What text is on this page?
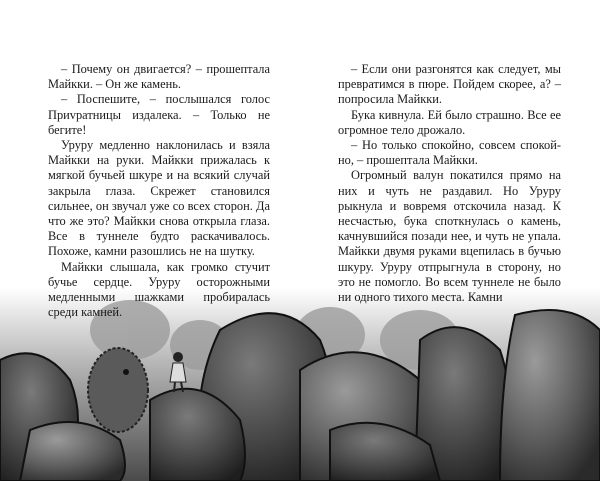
– Почему он двигается? – прошептала Майкки. – Он же камень.

– Поспешите, – послышался голос Приvратницы издалека. – Только не бегите!

Уруру медленно наклонилась и взяла Майкки на руки. Майкки прижалась к мягкой бучьей шкуре и на всякий случай закрыла глаза. Скрежет становился сильнее, он звучал уже со всех сторон. Да что же это? Майкки снова открыла глаза. Все в туннеле будто раскачивалось. Похоже, камни разошлись не на шутку.

Майкки слышала, как громко стучит бучье сердце. Уруру осторожными медленными шажками пробиралась среди камней.

– Если они разгонятся как следует, мы превратимся в пюре. Пойдем скорее, а? – попросила Майкки.

Бука кивнула. Ей было страшно. Все ее огромное тело дрожало.

– Но только спокойно, совсем спокойно, – прошептала Майкки.

Огромный валун покатился прямо на них и чуть не раздавил. Но Уруру рыкнула и вовремя отскочила назад. К несчастью, бука споткнулась о камень, качнувшийся позади нее, и чуть не упала. Майкки двумя руками вцепилась в бучью шкуру. Уруру отпрыгнула в сторону, но это не помогло. Во всем туннеле не было ни одного тихого места. Камни
